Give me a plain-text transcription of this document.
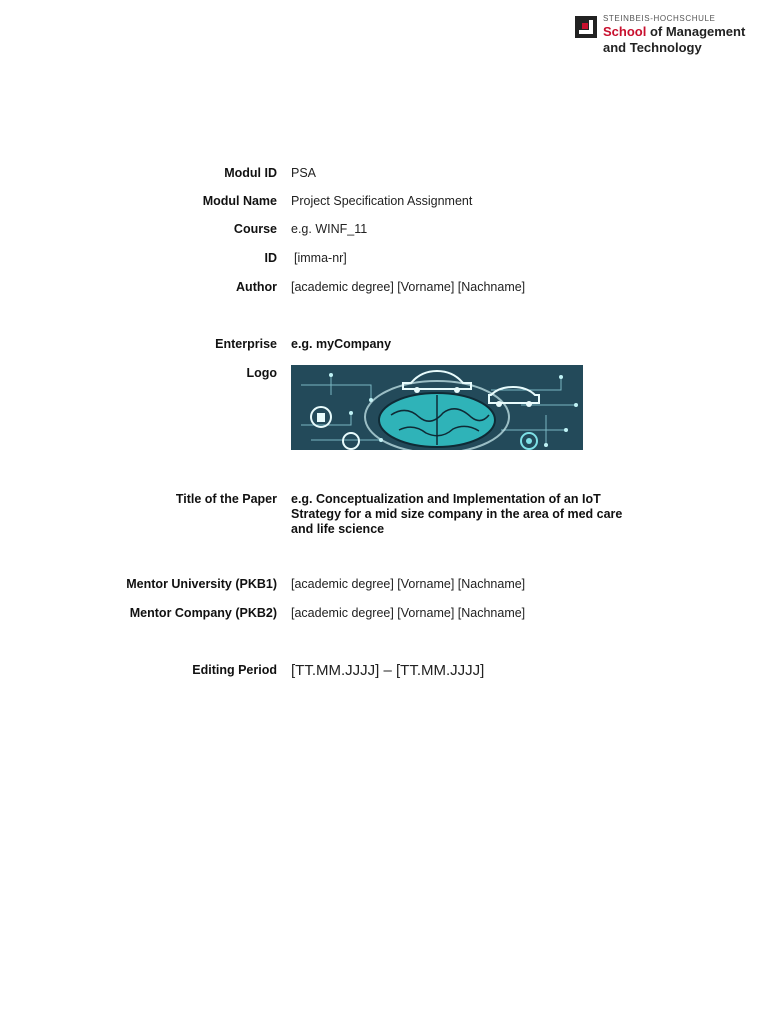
STEINBEIS-HOCHSCHULE
School of Management
and Technology
Modul ID PSA
Modul Name Project Specification Assignment
Course e.g. WINF_11
ID [imma-nr]
Author [academic degree] [Vorname] [Nachname]
Enterprise e.g. myCompany
Logo
Title of the Paper e.g. Conceptualization and Implementation of an IoT Strategy for a mid size company in the area of med care and life science
Mentor University (PKB1) [academic degree] [Vorname] [Nachname]
Mentor Company (PKB2) [academic degree] [Vorname] [Nachname]
Editing Period [TT.MM.JJJJ] – [TT.MM.JJJJ]
